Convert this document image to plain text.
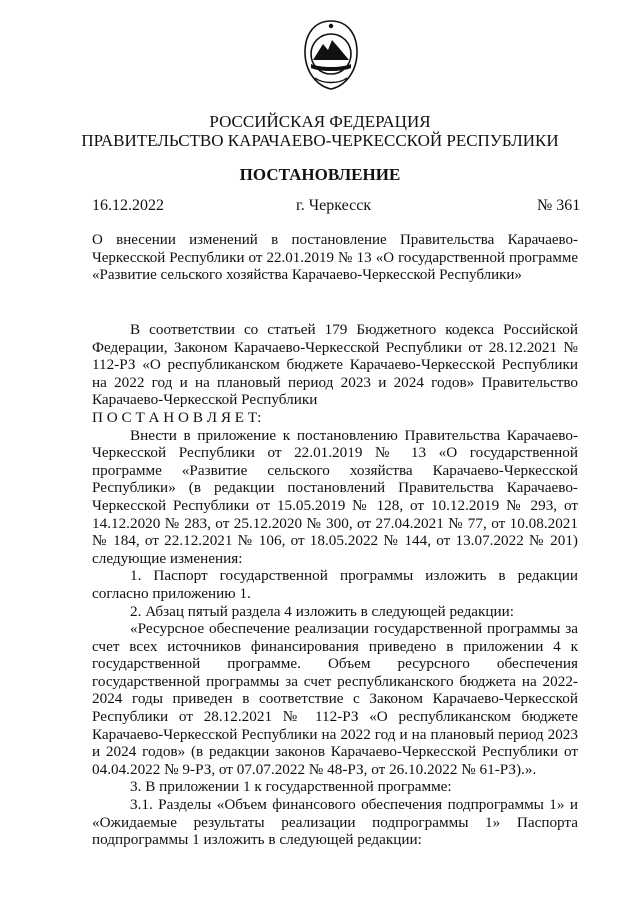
РОССИЙСКАЯ ФЕДЕРАЦИЯ
ПРАВИТЕЛЬСТВО КАРАЧАЕВО-ЧЕРКЕССКОЙ РЕСПУБЛИКИ
ПОСТАНОВЛЕНИЕ
16.12.2022	г. Черкесск	№ 361
О внесении изменений в постановление Правительства Карачаево-Черкесской Республики от 22.01.2019 № 13 «О государственной программе «Развитие сельского хозяйства Карачаево-Черкесской Республики»

В соответствии со статьей 179 Бюджетного кодекса Российской Федерации, Законом Карачаево-Черкесской Республики от 28.12.2021 № 112-РЗ «О республиканском бюджете Карачаево-Черкесской Республики на 2022 год и на плановый период 2023 и 2024 годов» Правительство Карачаево-Черкесской Республики

П О С Т А Н О В Л Я Е Т:

Внести в приложение к постановлению Правительства Карачаево-Черкесской Республики от 22.01.2019 № 13 «О государственной программе «Развитие сельского хозяйства Карачаево-Черкесской Республики» (в редакции постановлений Правительства Карачаево-Черкесской Республики от 15.05.2019 № 128, от 10.12.2019 № 293, от 14.12.2020 № 283, от 25.12.2020 № 300, от 27.04.2021 № 77, от 10.08.2021 № 184, от 22.12.2021 № 106, от 18.05.2022 № 144, от 13.07.2022 № 201) следующие изменения:

1. Паспорт государственной программы изложить в редакции согласно приложению 1.

2. Абзац пятый раздела 4 изложить в следующей редакции:

«Ресурсное обеспечение реализации государственной программы за счет всех источников финансирования приведено в приложении 4 к государственной программе. Объем ресурсного обеспечения государственной программы за счет республиканского бюджета на 2022-2024 годы приведен в соответствие с Законом Карачаево-Черкесской Республики от 28.12.2021 № 112-РЗ «О республиканском бюджете Карачаево-Черкесской Республики на 2022 год и на плановый период 2023 и 2024 годов» (в редакции законов Карачаево-Черкесской Республики от 04.04.2022 № 9-РЗ, от 07.07.2022 № 48-РЗ, от 26.10.2022 № 61-РЗ).».

3. В приложении 1 к государственной программе:

3.1. Разделы «Объем финансового обеспечения подпрограммы 1» и «Ожидаемые результаты реализации подпрограммы 1» Паспорта подпрограммы 1 изложить в следующей редакции:
